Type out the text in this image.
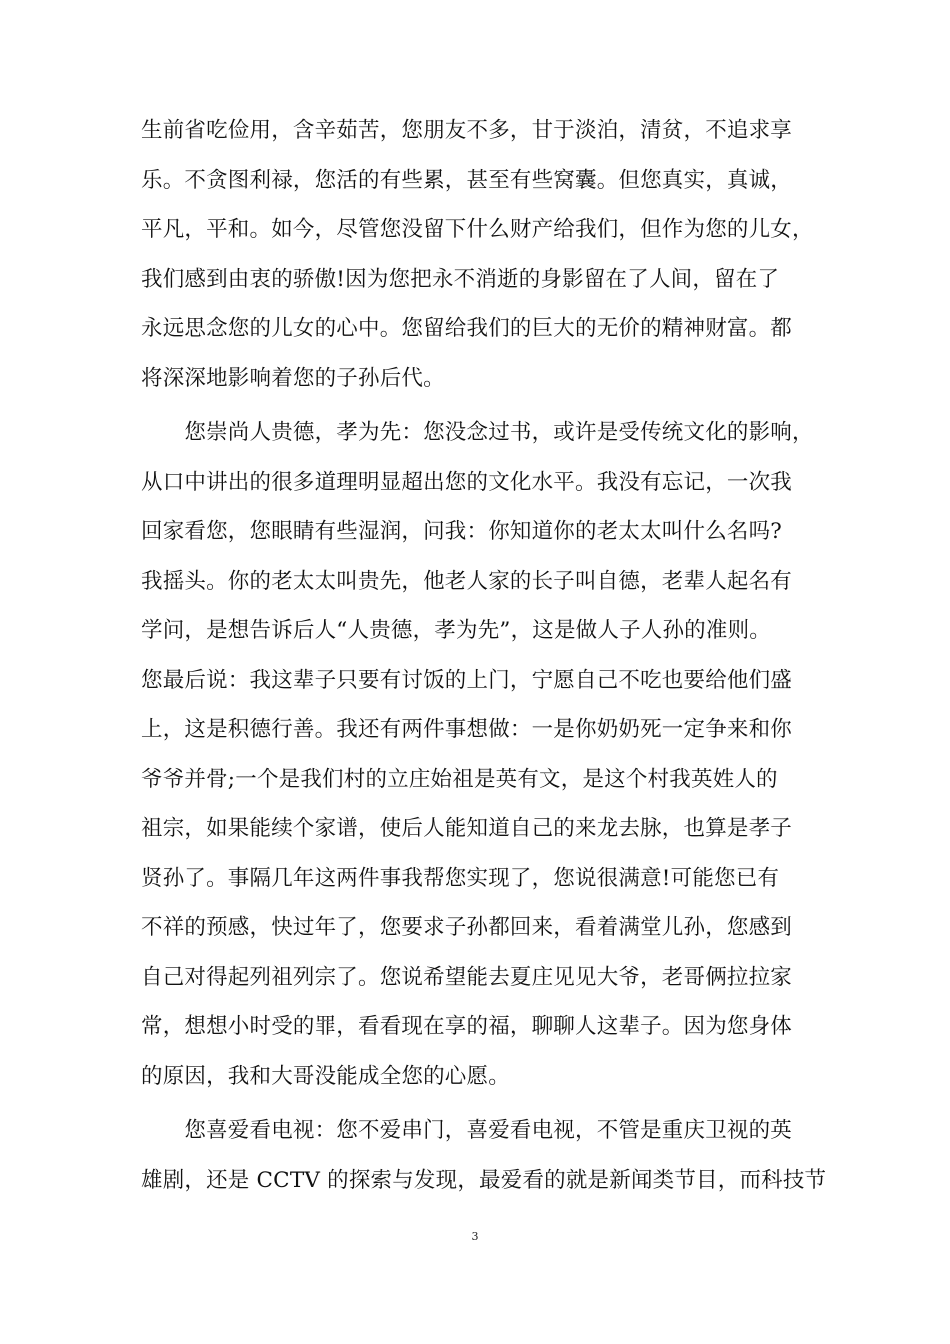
生前省吃俭用，含辛茹苦，您朋友不多，甘于淡泊，清贫，不追求享
乐。不贪图利禄，您活的有些累，甚至有些窝囊。但您真实，真诚，
平凡，平和。如今，尽管您没留下什么财产给我们，但作为您的儿女，
我们感到由衷的骄傲!因为您把永不消逝的身影留在了人间，留在了
永远思念您的儿女的心中。您留给我们的巨大的无价的精神财富。都
将深深地影响着您的子孙后代。
　　您崇尚人贵德，孝为先：您没念过书，或许是受传统文化的影响，
从口中讲出的很多道理明显超出您的文化水平。我没有忘记，一次我
回家看您，您眼睛有些湿润，问我：你知道你的老太太叫什么名吗?
我摇头。你的老太太叫贵先，他老人家的长子叫自德，老辈人起名有
学问，是想告诉后人“人贵德，孝为先”，这是做人子人孙的准则。
您最后说：我这辈子只要有讨饭的上门，宁愿自己不吃也要给他们盛
上，这是积德行善。我还有两件事想做：一是你奶奶死一定争来和你
爷爷并骨;一个是我们村的立庄始祖是英有文，是这个村我英姓人的
祖宗，如果能续个家谱，使后人能知道自己的来龙去脉，也算是孝子
贤孙了。事隔几年这两件事我帮您实现了，您说很满意!可能您已有
不祥的预感，快过年了，您要求子孙都回来，看着满堂儿孙，您感到
自己对得起列祖列宗了。您说希望能去夏庄见见大爷，老哥俩拉拉家
常，想想小时受的罪，看看现在享的福，聊聊人这辈子。因为您身体
的原因，我和大哥没能成全您的心愿。
　　您喜爱看电视：您不爱串门，喜爱看电视，不管是重庆卫视的英
雄剧，还是 CCTV 的探索与发现，最爱看的就是新闻类节目，而科技节
3
